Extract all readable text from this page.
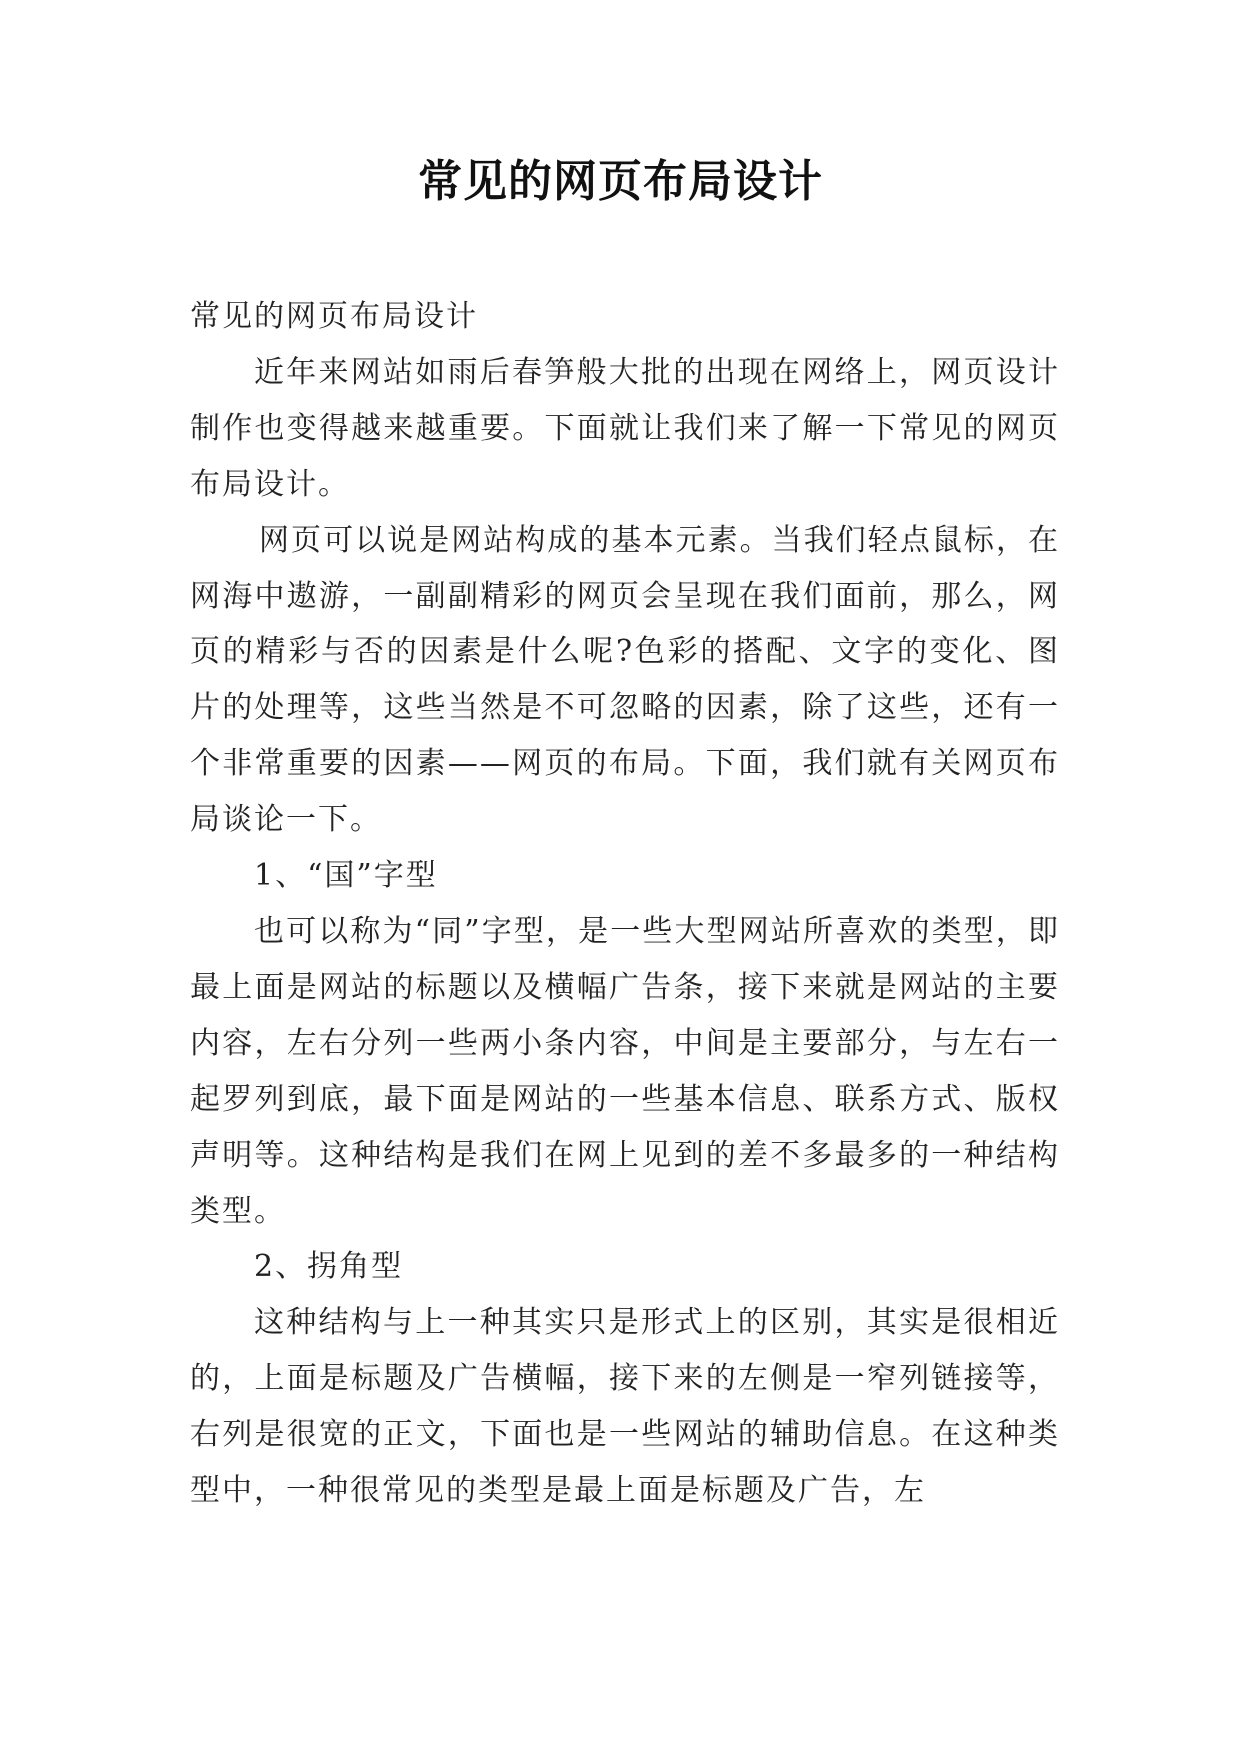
常见的网页布局设计

常见的网页布局设计

近年来网站如雨后春笋般大批的出现在网络上，网页设计制作也变得越来越重要。下面就让我们来了解一下常见的网页布局设计。

网页可以说是网站构成的基本元素。当我们轻点鼠标，在网海中遨游，一副副精彩的网页会呈现在我们面前，那么，网页的精彩与否的因素是什么呢?色彩的搭配、文字的变化、图片的处理等，这些当然是不可忽略的因素，除了这些，还有一个非常重要的因素——网页的布局。下面，我们就有关网页布局谈论一下。

1、“国”字型

也可以称为“同”字型，是一些大型网站所喜欢的类型，即最上面是网站的标题以及横幅广告条，接下来就是网站的主要内容，左右分列一些两小条内容，中间是主要部分，与左右一起罗列到底，最下面是网站的一些基本信息、联系方式、版权声明等。这种结构是我们在网上见到的差不多最多的一种结构类型。

2、拐角型

这种结构与上一种其实只是形式上的区别，其实是很相近的，上面是标题及广告横幅，接下来的左侧是一窄列链接等，右列是很宽的正文，下面也是一些网站的辅助信息。在这种类型中，一种很常见的类型是最上面是标题及广告，左
